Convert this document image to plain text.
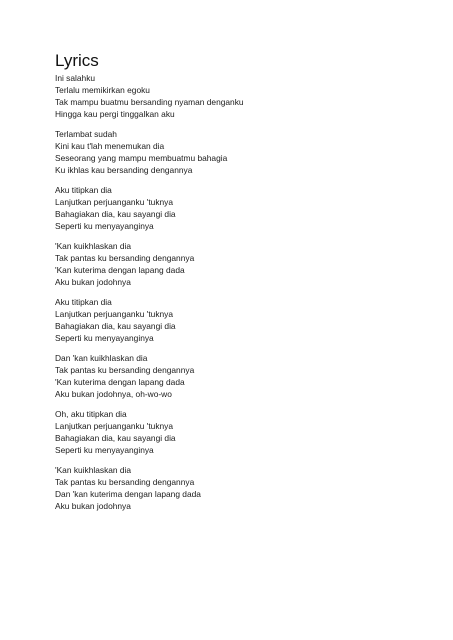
Lyrics
Ini salahku
Terlalu memikirkan egoku
Tak mampu buatmu bersanding nyaman denganku
Hingga kau pergi tinggalkan aku
Terlambat sudah
Kini kau t'lah menemukan dia
Seseorang yang mampu membuatmu bahagia
Ku ikhlas kau bersanding dengannya
Aku titipkan dia
Lanjutkan perjuanganku 'tuknya
Bahagiakan dia, kau sayangi dia
Seperti ku menyayanginya
'Kan kuikhlaskan dia
Tak pantas ku bersanding dengannya
'Kan kuterima dengan lapang dada
Aku bukan jodohnya
Aku titipkan dia
Lanjutkan perjuanganku 'tuknya
Bahagiakan dia, kau sayangi dia
Seperti ku menyayanginya
Dan 'kan kuikhlaskan dia
Tak pantas ku bersanding dengannya
'Kan kuterima dengan lapang dada
Aku bukan jodohnya, oh-wo-wo
Oh, aku titipkan dia
Lanjutkan perjuanganku 'tuknya
Bahagiakan dia, kau sayangi dia
Seperti ku menyayanginya
'Kan kuikhlaskan dia
Tak pantas ku bersanding dengannya
Dan 'kan kuterima dengan lapang dada
Aku bukan jodohnya
